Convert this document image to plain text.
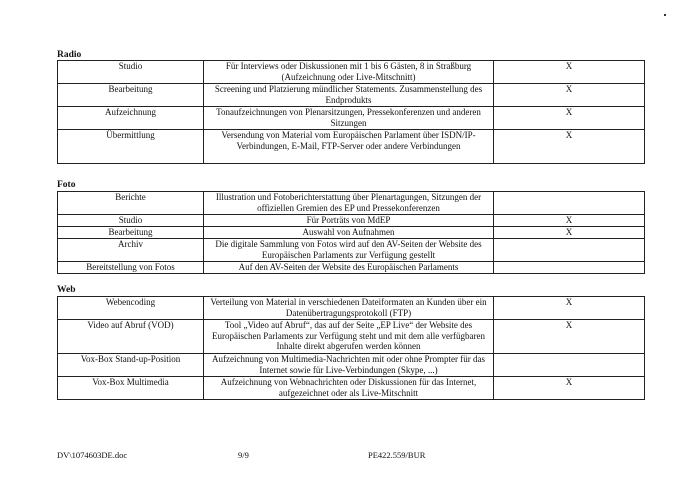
Radio
Studio	Für Interviews oder Diskussionen mit 1 bis 6 Gästen, 8 in Straßburg (Aufzeichnung oder Live-Mitschnitt)	X
Bearbeitung	Screening und Platzierung mündlicher Statements. Zusammenstellung des Endprodukts	X
Aufzeichnung	Tonaufzeichnungen von Plenarsitzungen, Pressekonferenzen und anderen Sitzungen	X
Übermittlung	Versendung von Material vom Europäischen Parlament über ISDN/IP-Verbindungen, E-Mail, FTP-Server oder andere Verbindungen	X
Foto
Berichte	Illustration und Fotoberichterstattung über Plenartagungen, Sitzungen der offiziellen Gremien des EP und Pressekonferenzen	
Studio	Für Porträts von MdEP	X
Bearbeitung	Auswahl von Aufnahmen	X
Archiv	Die digitale Sammlung von Fotos wird auf den AV-Seiten der Website des Europäischen Parlaments zur Verfügung gestellt	
Bereitstellung von Fotos	Auf den AV-Seiten der Website des Europäischen Parlaments	
Web
Webencoding	Verteilung von Material in verschiedenen Dateiformaten an Kunden über ein Datenübertragungsprotokoll (FTP)	X
Video auf Abruf (VOD)	Tool „Video auf Abruf“, das auf der Seite „EP Live“ der Website des Europäischen Parlaments zur Verfügung steht und mit dem alle verfügbaren Inhalte direkt abgerufen werden können	X
Vox-Box Stand-up-Position	Aufzeichnung von Multimedia-Nachrichten mit oder ohne Prompter für das Internet sowie für Live-Verbindungen (Skype, ...)	
Vox-Box Multimedia	Aufzeichnung von Webnachrichten oder Diskussionen für das Internet, aufgezeichnet oder als Live-Mitschnitt	X
DV\1074603DE.doc	9/9	PE422.559/BUR
